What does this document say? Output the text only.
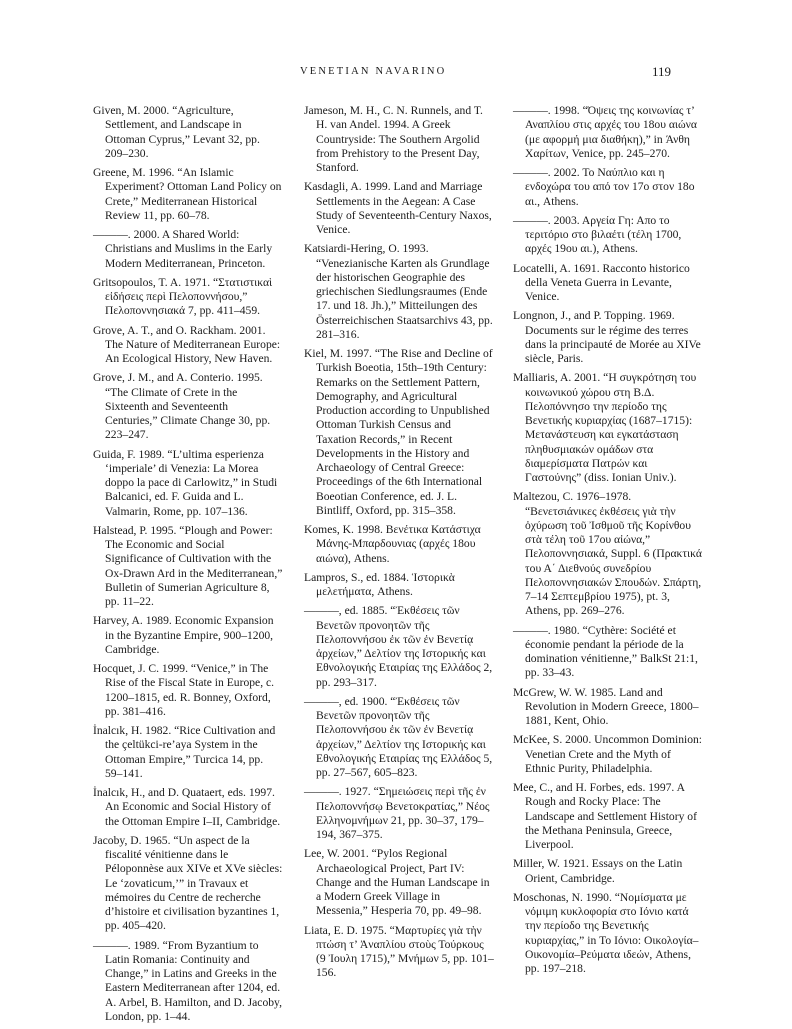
VENETIAN NAVARINO	119

Given, M. 2000. “Agriculture, Settlement, and Landscape in Ottoman Cyprus,” Levant 32, pp. 209–230.

Greene, M. 1996. “An Islamic Experiment? Ottoman Land Policy on Crete,” Mediterranean Historical Review 11, pp. 60–78.

———. 2000. A Shared World: Christians and Muslims in the Early Modern Mediterranean, Princeton.

Gritsopoulos, T. A. 1971. “Στατιστικαὶ εἰδήσεις περὶ Πελοποννήσου,” Πελοποννησιακά 7, pp. 411–459.

Grove, A. T., and O. Rackham. 2001. The Nature of Mediterranean Europe: An Ecological History, New Haven.

Grove, J. M., and A. Conterio. 1995. “The Climate of Crete in the Sixteenth and Seventeenth Centuries,” Climate Change 30, pp. 223–247.

Guida, F. 1989. “L’ultima esperienza ‘imperiale’ di Venezia: La Morea doppo la pace di Carlowitz,” in Studi Balcanici, ed. F. Guida and L. Valmarin, Rome, pp. 107–136.

Halstead, P. 1995. “Plough and Power: The Economic and Social Significance of Cultivation with the Ox-Drawn Ard in the Mediterranean,” Bulletin of Sumerian Agriculture 8, pp. 11–22.

Harvey, A. 1989. Economic Expansion in the Byzantine Empire, 900–1200, Cambridge.

Hocquet, J. C. 1999. “Venice,” in The Rise of the Fiscal State in Europe, c. 1200–1815, ed. R. Bonney, Oxford, pp. 381–416.

İnalcık, H. 1982. “Rice Cultivation and the çeltükci-re’aya System in the Ottoman Empire,” Turcica 14, pp. 59–141.

İnalcık, H., and D. Quataert, eds. 1997. An Economic and Social History of the Ottoman Empire I–II, Cambridge.

Jacoby, D. 1965. “Un aspect de la fiscalité vénitienne dans le Péloponnèse aux XIVe et XVe siècles: Le ‘zovaticum,’” in Travaux et mémoires du Centre de recherche d’histoire et civilisation byzantines 1, pp. 405–420.

———. 1989. “From Byzantium to Latin Romania: Continuity and Change,” in Latins and Greeks in the Eastern Mediterranean after 1204, ed. A. Arbel, B. Hamilton, and D. Jacoby, London, pp. 1–44.

Jameson, M. H., C. N. Runnels, and T. H. van Andel. 1994. A Greek Countryside: The Southern Argolid from Prehistory to the Present Day, Stanford.

Kasdagli, A. 1999. Land and Marriage Settlements in the Aegean: A Case Study of Seventeenth-Century Naxos, Venice.

Katsiardi-Hering, O. 1993. “Venezianische Karten als Grundlage der historischen Geographie des griechischen Siedlungsraumes (Ende 17. und 18. Jh.),” Mitteilungen des Österreichischen Staatsarchivs 43, pp. 281–316.

Kiel, M. 1997. “The Rise and Decline of Turkish Boeotia, 15th–19th Century: Remarks on the Settlement Pattern, Demography, and Agricultural Production according to Unpublished Ottoman Turkish Census and Taxation Records,” in Recent Developments in the History and Archaeology of Central Greece: Proceedings of the 6th International Boeotian Conference, ed. J. L. Bintliff, Oxford, pp. 315–358.

Komes, K. 1998. Βενέτικα Κατάστιχα Μάνης-Μπαρδουνιας (αρχές 18ου αιώνα), Athens.

Lampros, S., ed. 1884. Ἱστορικὰ μελετήματα, Athens.

———, ed. 1885. “Ἐκθέσεις τῶν Βενετῶν προνοητῶν τῆς Πελοποννήσου ἐκ τῶν ἐν Βενετίᾳ ἀρχείων,” Δελτίον της Ιστορικής και Εθνολογικής Εταιρίας της Ελλάδος 2, pp. 293–317.

———, ed. 1900. “Ἐκθέσεις τῶν Βενετῶν προνοητῶν τῆς Πελοποννήσου ἐκ τῶν ἐν Βενετίᾳ ἀρχείων,” Δελτίον της Ιστορικής και Εθνολογικής Εταιρίας της Ελλάδος 5, pp. 27–567, 605–823.

———. 1927. “Σημειώσεις περὶ τῆς ἐν Πελοποννήσῳ Βενετοκρατίας,” Νέος Ελληνομνήμων 21, pp. 30–37, 179–194, 367–375.

Lee, W. 2001. “Pylos Regional Archaeological Project, Part IV: Change and the Human Landscape in a Modern Greek Village in Messenia,” Hesperia 70, pp. 49–98.

Liata, E. D. 1975. “Μαρτυρίες γιὰ τὴν πτώση τ’ Ἀναπλίου στοὺς Τούρκους (9 Ἰουλη 1715),” Μνήμων 5, pp. 101–156.

———. 1998. “Όψεις της κοινωνίας τ’ Αναπλίου στις αρχές του 18ου αιώνα (με αφορμή μια διαθήκη),” in Άνθη Χαρίτων, Venice, pp. 245–270.

———. 2002. Το Ναύπλιο και η ενδοχώρα του από τον 17ο στον 18ο αι., Athens.

———. 2003. Αργεία Γη: Απο το τεριτόριο στο βιλαέτι (τέλη 1700, αρχές 19ου αι.), Athens.

Locatelli, A. 1691. Racconto historico della Veneta Guerra in Levante, Venice.

Longnon, J., and P. Topping. 1969. Documents sur le régime des terres dans la principauté de Morée au XIVe siècle, Paris.

Malliaris, A. 2001. “Η συγκρότηση του κοινωνικού χώρου στη Β.Δ. Πελοπόννησο την περίοδο της Βενετικής κυριαρχίας (1687–1715): Μετανάστευση και εγκατάσταση πληθυσμιακών ομάδων στα διαμερίσματα Πατρών και Γαστούνης” (diss. Ionian Univ.).

Maltezou, C. 1976–1978. “Βενετσιάνικες ἐκθέσεις γιὰ τὴν ὀχύρωση τοῦ Ἰσθμοῦ τῆς Κορίνθου στὰ τέλη τοῦ 17ου αἰώνα,” Πελοποννησιακά, Suppl. 6 (Πρακτικά του Α΄ Διεθνούς συνεδρίου Πελοποννησιακών Σπουδών. Σπάρτη, 7–14 Σεπτεμβρίου 1975), pt. 3, Athens, pp. 269–276.

———. 1980. “Cythère: Société et économie pendant la période de la domination vénitienne,” BalkSt 21:1, pp. 33–43.

McGrew, W. W. 1985. Land and Revolution in Modern Greece, 1800–1881, Kent, Ohio.

McKee, S. 2000. Uncommon Dominion: Venetian Crete and the Myth of Ethnic Purity, Philadelphia.

Mee, C., and H. Forbes, eds. 1997. A Rough and Rocky Place: The Landscape and Settlement History of the Methana Peninsula, Greece, Liverpool.

Miller, W. 1921. Essays on the Latin Orient, Cambridge.

Moschonas, N. 1990. “Νομίσματα με νόμιμη κυκλοφορία στο Ιόνιο κατά την περίοδο της Βενετικής κυριαρχίας,” in Το Ιόνιο: Οικολογία–Οικονομία–Ρεύματα ιδεών, Athens, pp. 197–218.
